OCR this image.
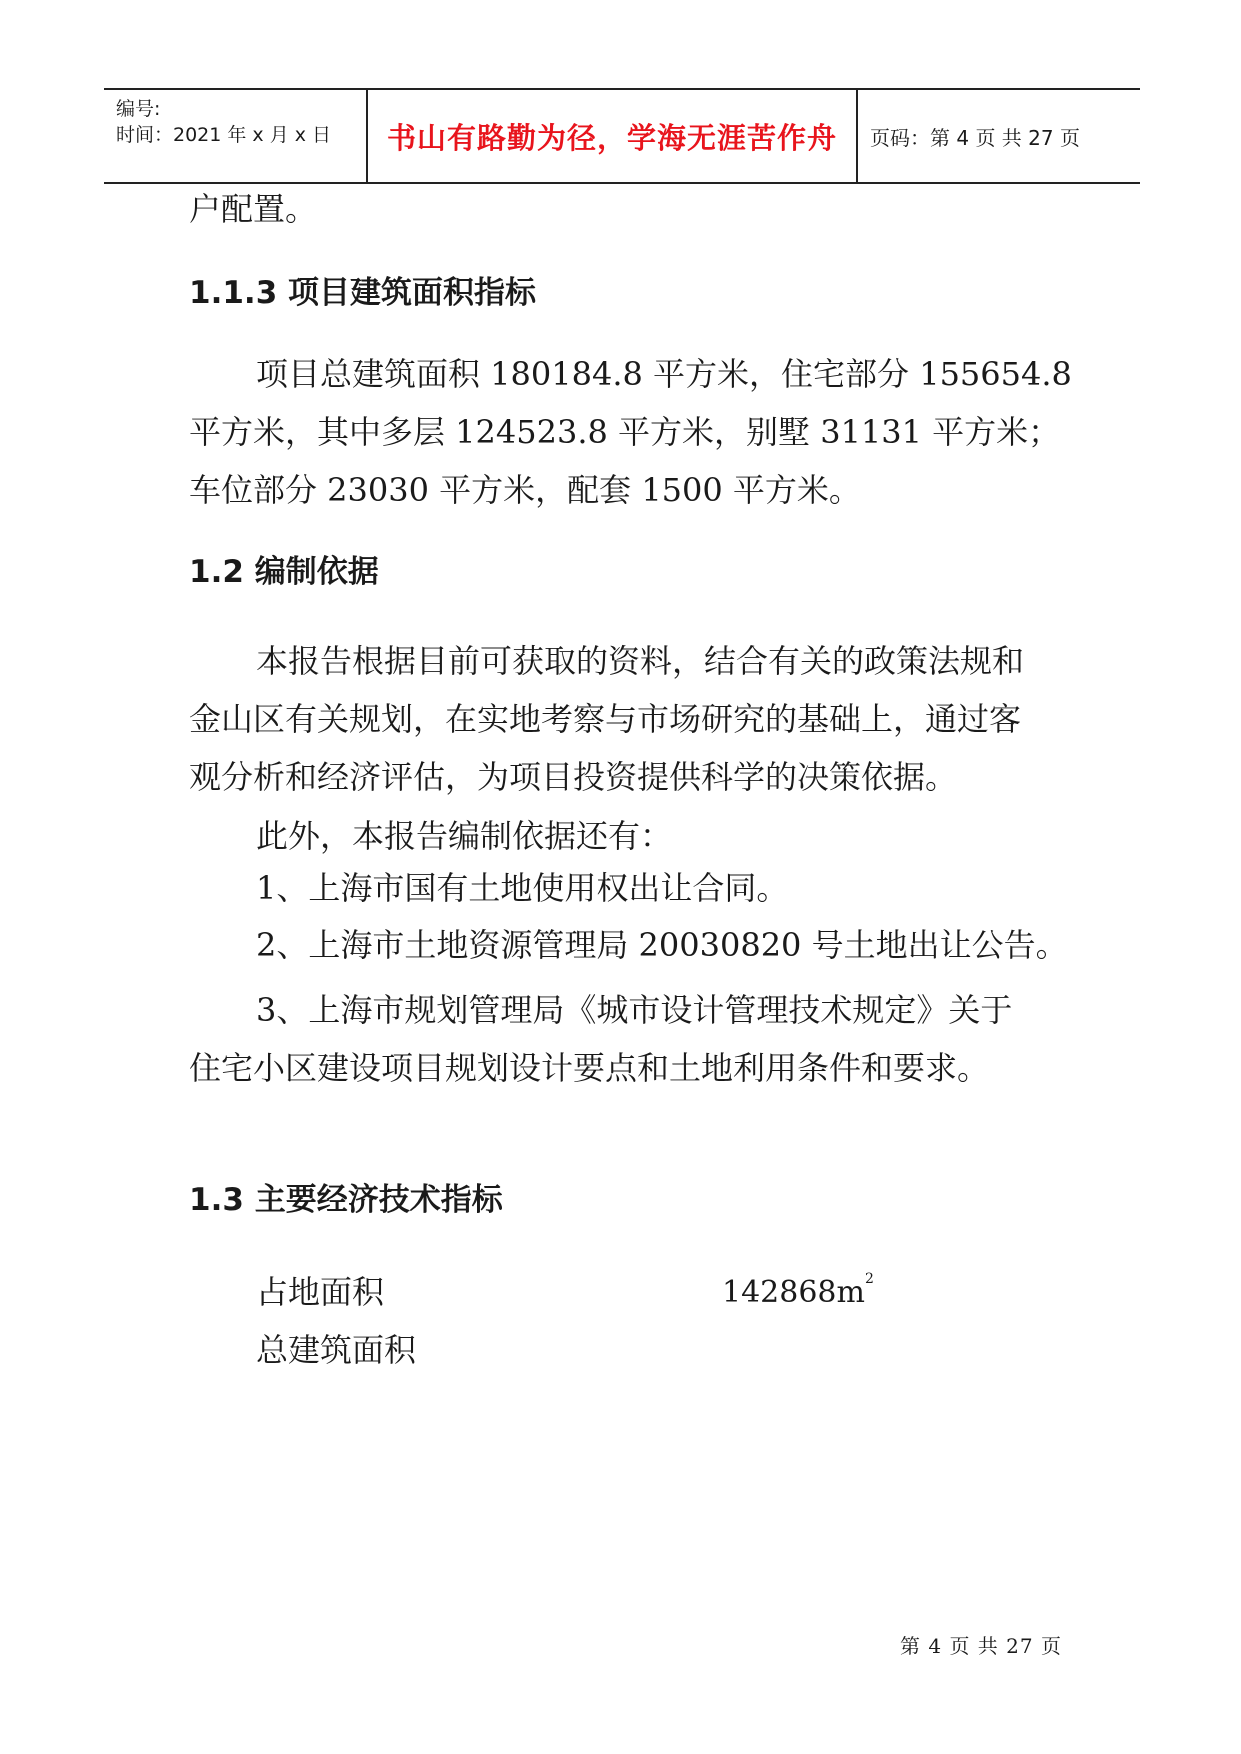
编号:
时间：2021 年 x 月 x 日	书山有路勤为径，学海无涯苦作舟	页码：第 4 页 共 27 页
户配置。
1.1.3 项目建筑面积指标
项目总建筑面积 180184.8 平方米，住宅部分 155654.8
平方米，其中多层 124523.8 平方米，别墅 31131 平方米；
车位部分 23030 平方米，配套 1500 平方米。
1.2 编制依据
本报告根据目前可获取的资料，结合有关的政策法规和
金山区有关规划，在实地考察与市场研究的基础上，通过客
观分析和经济评估，为项目投资提供科学的决策依据。
此外，本报告编制依据还有：
1、上海市国有土地使用权出让合同。
2、上海市土地资源管理局 20030820 号土地出让公告。
3、上海市规划管理局《城市设计管理技术规定》关于
住宅小区建设项目规划设计要点和土地利用条件和要求。
1.3 主要经济技术指标
占地面积	$142868m^2$
总建筑面积
第 4 页 共 27 页
